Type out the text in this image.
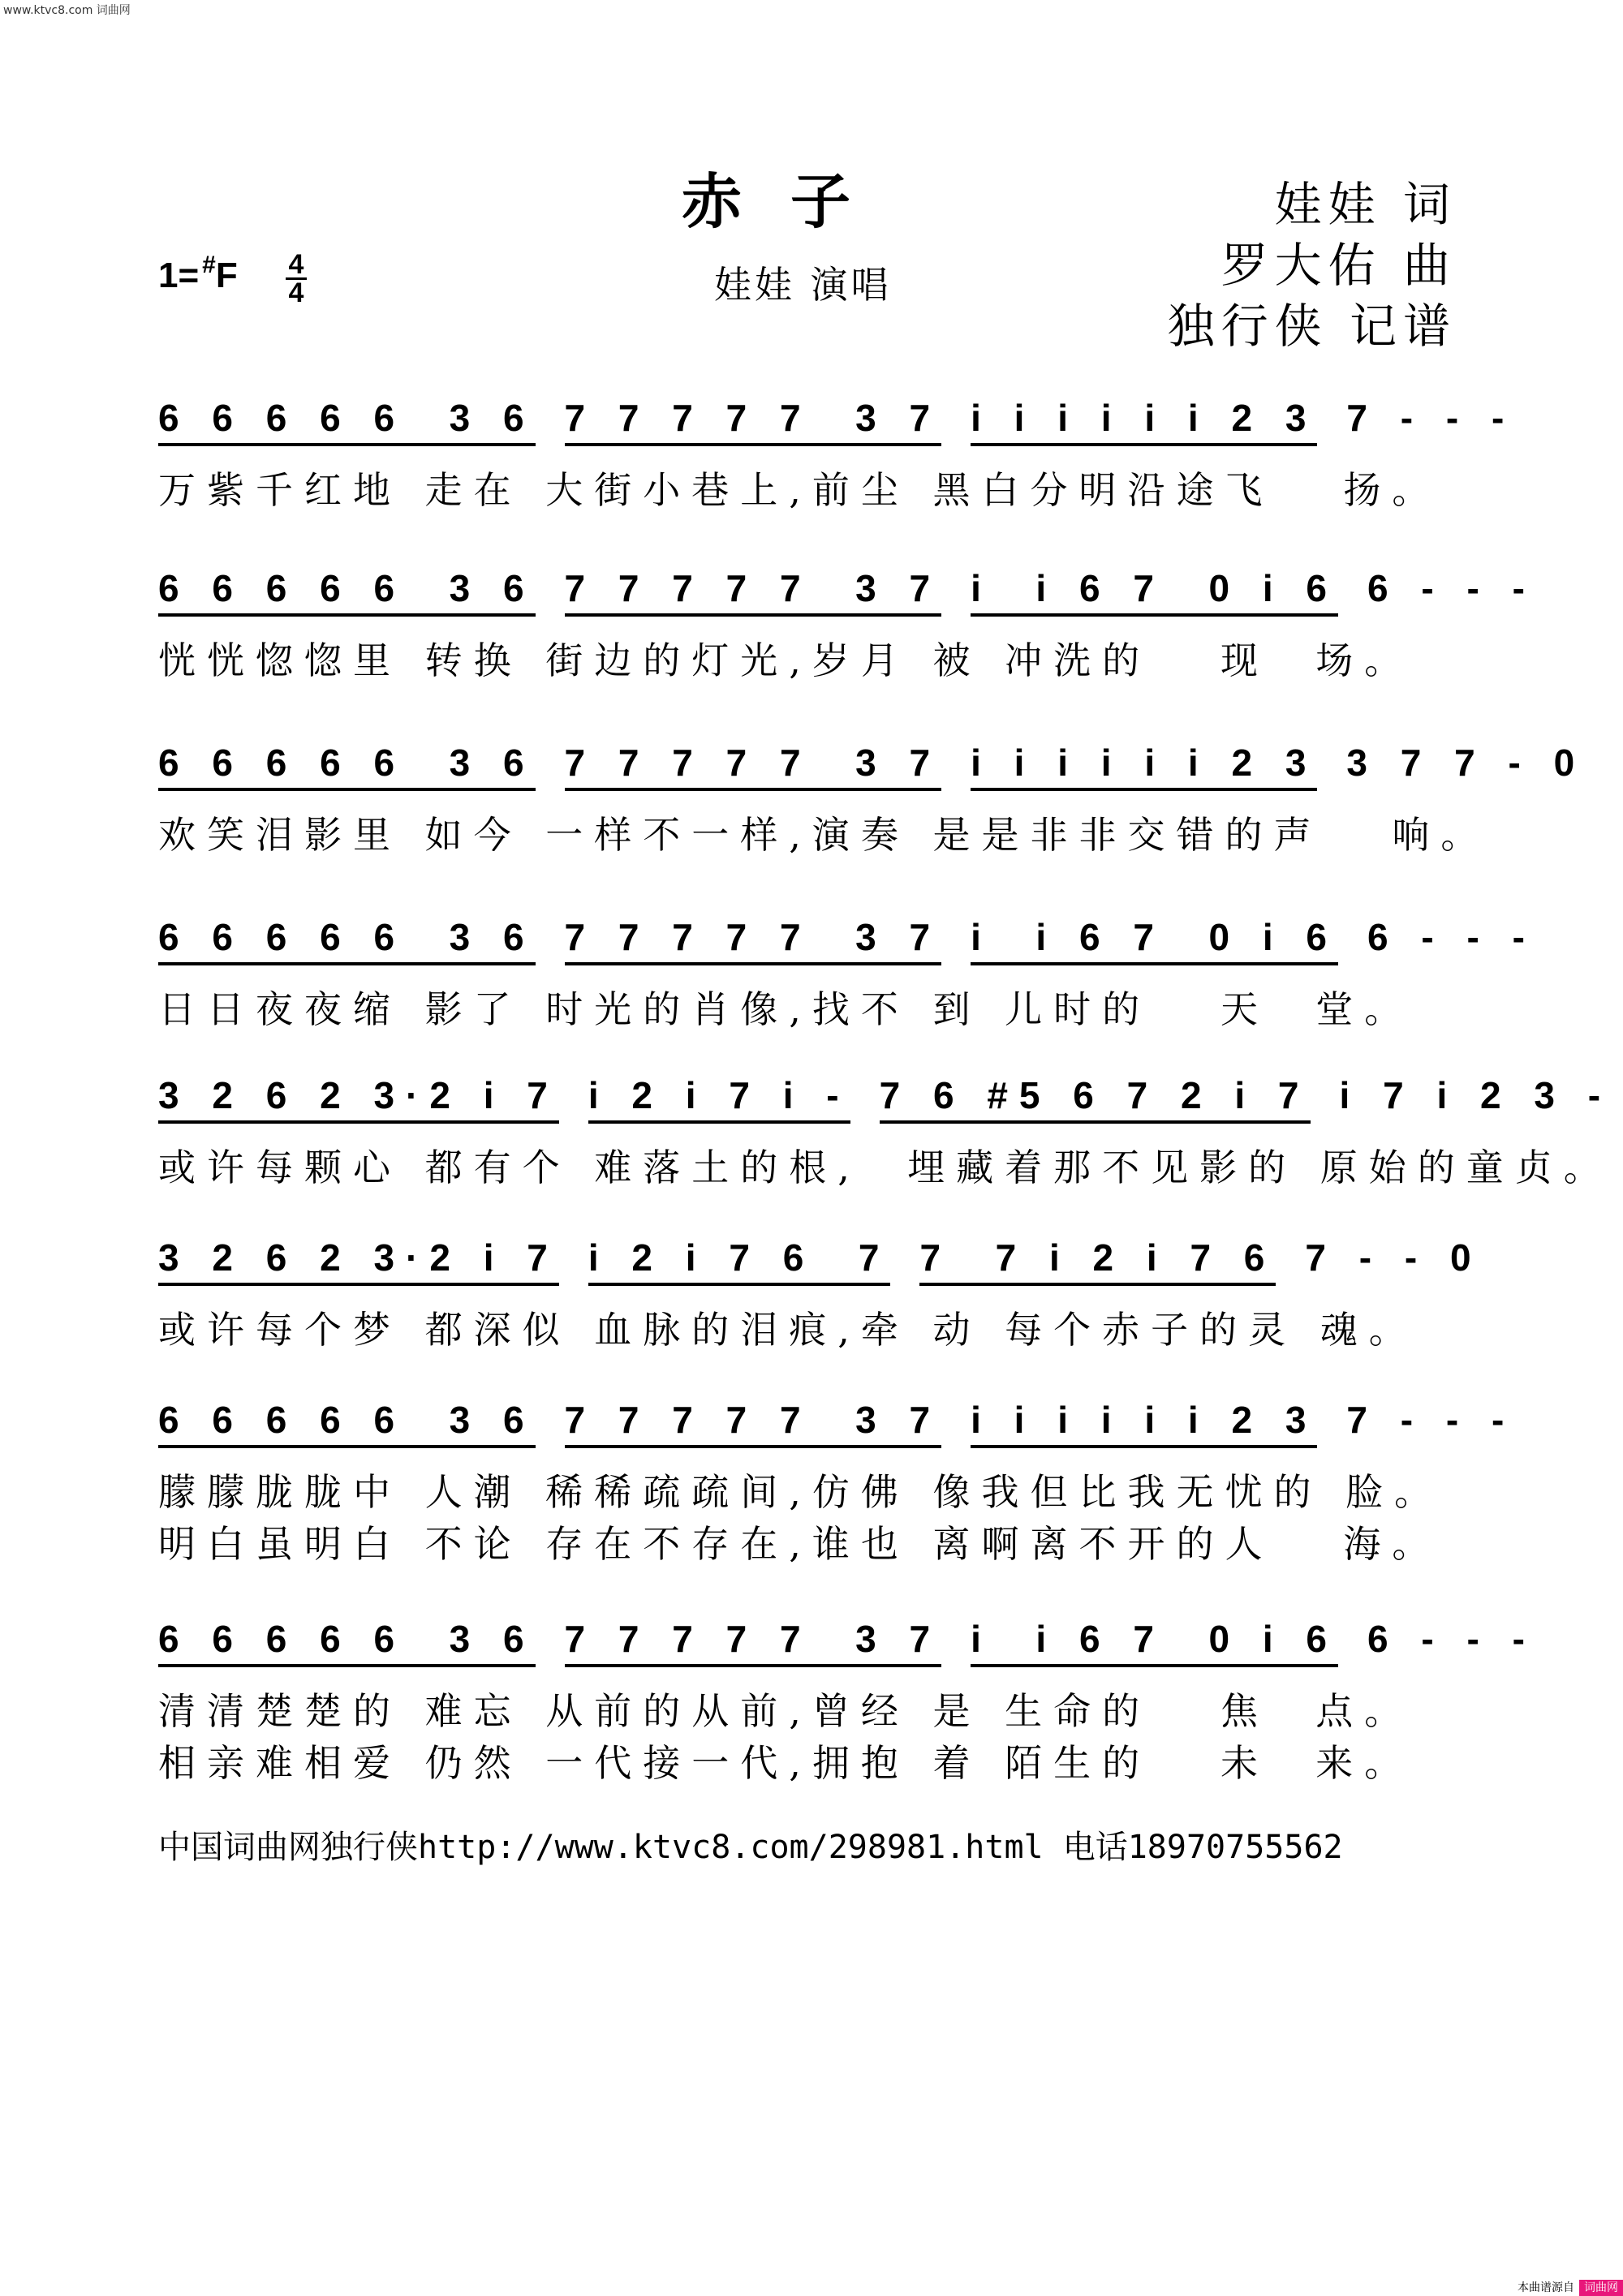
www.ktvc8.com 词曲网
赤子	娃娃 词
罗大佑 曲
独行侠 记谱
1= #F 4
4	娃娃 演唱
6 6 6 6 6  3 6 7 7 7 7 7  3 7 i i i i i i 2 3 7 - - -
万紫千红地 走在 大街小巷上,前尘 黑白分明沿途飞   扬。
6 6 6 6 6  3 6 7 7 7 7 7  3 7 i  i 6 7  0 i 6 6 - - -
恍恍惚惚里 转换 街边的灯光,岁月 被 冲洗的   现  场。
6 6 6 6 6  3 6 7 7 7 7 7  3 7 i i i i i i 2 3 3 7 7 - 0
欢笑泪影里 如今 一样不一样,演奏 是是非非交错的声   响。
6 6 6 6 6  3 6 7 7 7 7 7  3 7 i  i 6 7  0 i 6 6 - - -
日日夜夜缩 影了 时光的肖像,找不 到 儿时的   天  堂。
3 2 6 2 3·2 i 7 i 2 i 7 i - 7 6 #5 6 7 2 i 7 i 7 i 2 3 -
或许每颗心 都有个 难落土的根,  埋藏着那不见影的 原始的童贞。
3 2 6 2 3·2 i 7 i 2 i 7 6  7 7  7 i 2 i 7 6 7 - - 0
或许每个梦 都深似 血脉的泪痕,牵 动 每个赤子的灵 魂。
6 6 6 6 6  3 6 7 7 7 7 7  3 7 i i i i i i 2 3 7 - - -
朦朦胧胧中 人潮 稀稀疏疏间,仿佛 像我但比我无忧的 脸。
明白虽明白 不论 存在不存在,谁也 离啊离不开的人   海。
6 6 6 6 6  3 6 7 7 7 7 7  3 7 i  i 6 7  0 i 6 6 - - -
清清楚楚的 难忘 从前的从前,曾经 是 生命的   焦  点。
相亲难相爱 仍然 一代接一代,拥抱 着 陌生的   未  来。
中国词曲网独行侠http://www.ktvc8.com/298981.html 电话18970755562
本曲谱源自 词曲网
